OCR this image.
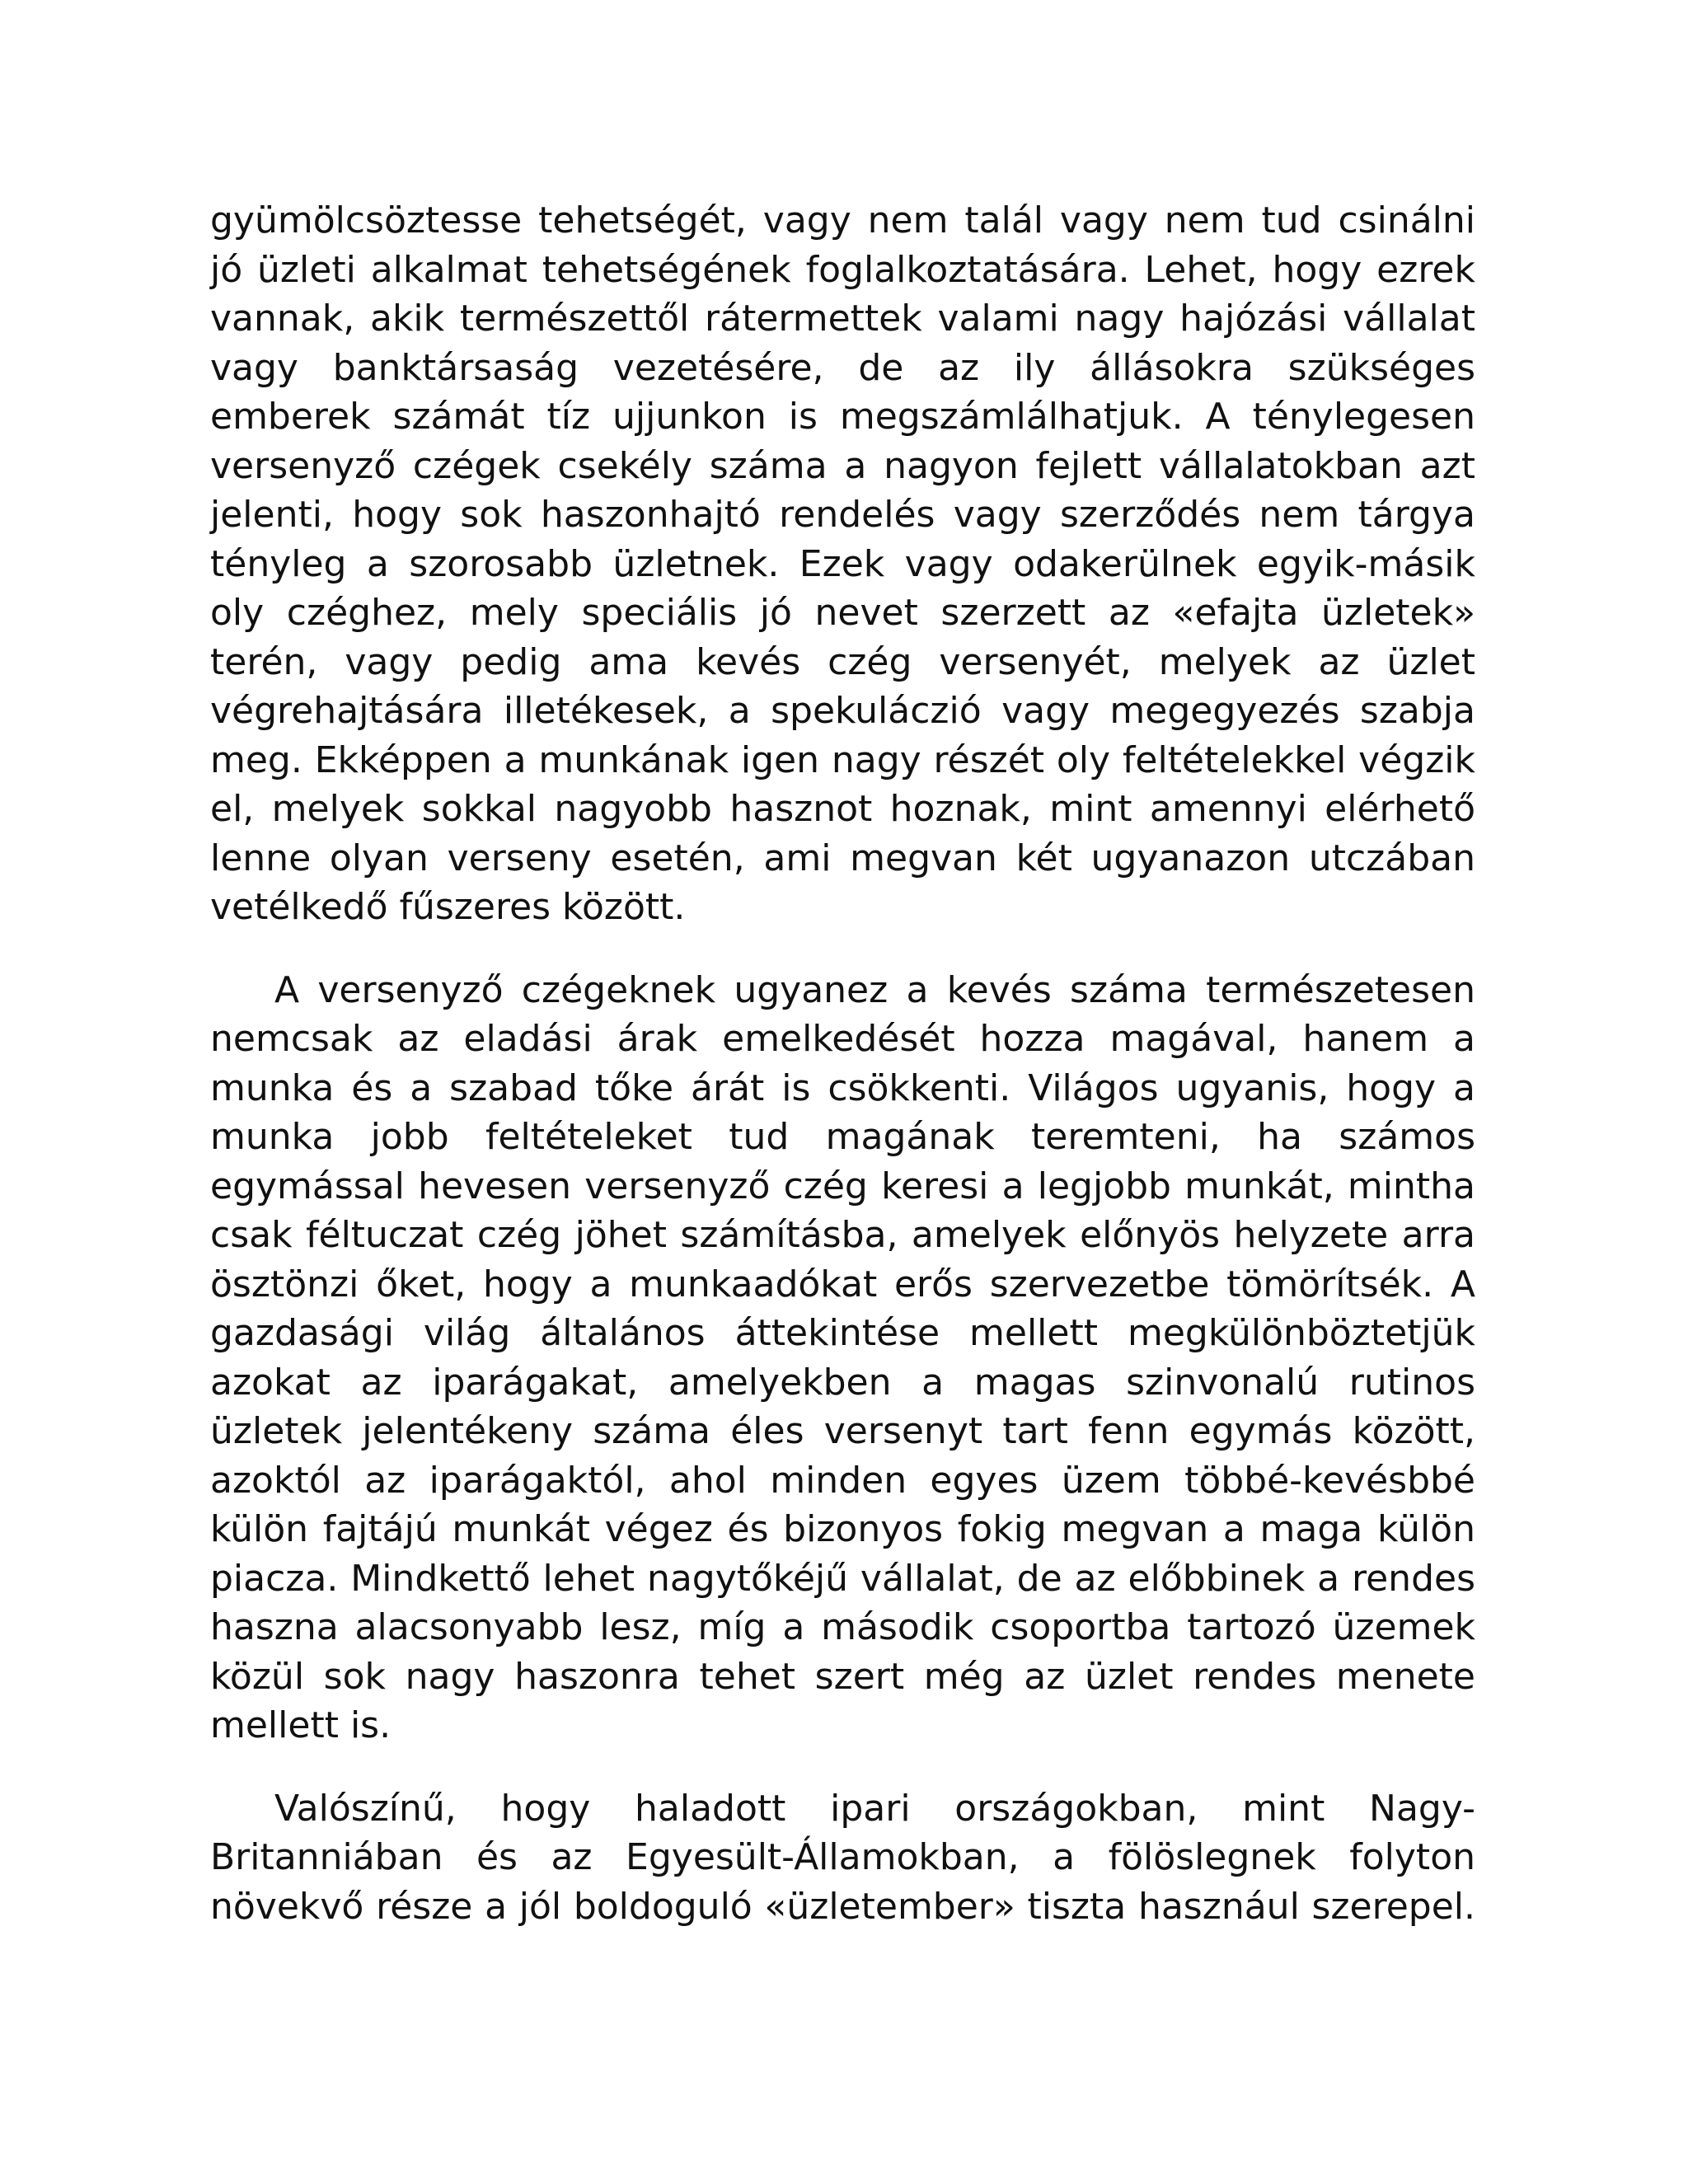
gyümölcsöztesse tehetségét, vagy nem talál vagy nem tud csinálni jó üzleti alkalmat tehetségének foglalkoztatására. Lehet, hogy ezrek vannak, akik természettől rátermettek valami nagy hajózási vállalat vagy banktársaság vezetésére, de az ily állásokra szükséges emberek számát tíz ujjunkon is megszámlálhatjuk. A ténylegesen versenyző czégek csekély száma a nagyon fejlett vállalatokban azt jelenti, hogy sok haszonhajtó rendelés vagy szerződés nem tárgya tényleg a szorosabb üzletnek. Ezek vagy odakerülnek egyik-másik oly czéghez, mely speciális jó nevet szerzett az «efajta üzletek» terén, vagy pedig ama kevés czég versenyét, melyek az üzlet végrehajtására illetékesek, a spekuláczió vagy megegyezés szabja meg. Ekképpen a munkának igen nagy részét oly feltételekkel végzik el, melyek sokkal nagyobb hasznot hoznak, mint amennyi elérhető lenne olyan verseny esetén, ami megvan két ugyanazon utczában vetélkedő fűszeres között.

A versenyző czégeknek ugyanez a kevés száma természetesen nemcsak az eladási árak emelkedését hozza magával, hanem a munka és a szabad tőke árát is csökkenti. Világos ugyanis, hogy a munka jobb feltételeket tud magának teremteni, ha számos egymással hevesen versenyző czég keresi a legjobb munkát, mintha csak féltuczat czég jöhet számításba, amelyek előnyös helyzete arra ösztönzi őket, hogy a munkaadókat erős szervezetbe tömörítsék. A gazdasági világ általános áttekintése mellett megkülönböztetjük azokat az iparágakat, amelyekben a magas szinvonalú rutinos üzletek jelentékeny száma éles versenyt tart fenn egymás között, azoktól az iparágaktól, ahol minden egyes üzem többé-kevésbbé külön fajtájú munkát végez és bizonyos fokig megvan a maga külön piacza. Mindkettő lehet nagytőkéjű vállalat, de az előbbinek a rendes haszna alacsonyabb lesz, míg a második csoportba tartozó üzemek közül sok nagy haszonra tehet szert még az üzlet rendes menete mellett is.

Valószínű, hogy haladott ipari országokban, mint Nagy-Britanniában és az Egyesült-Államokban, a fölöslegnek folyton növekvő része a jól boldoguló «üzletember» tiszta hasznául szerepel.
